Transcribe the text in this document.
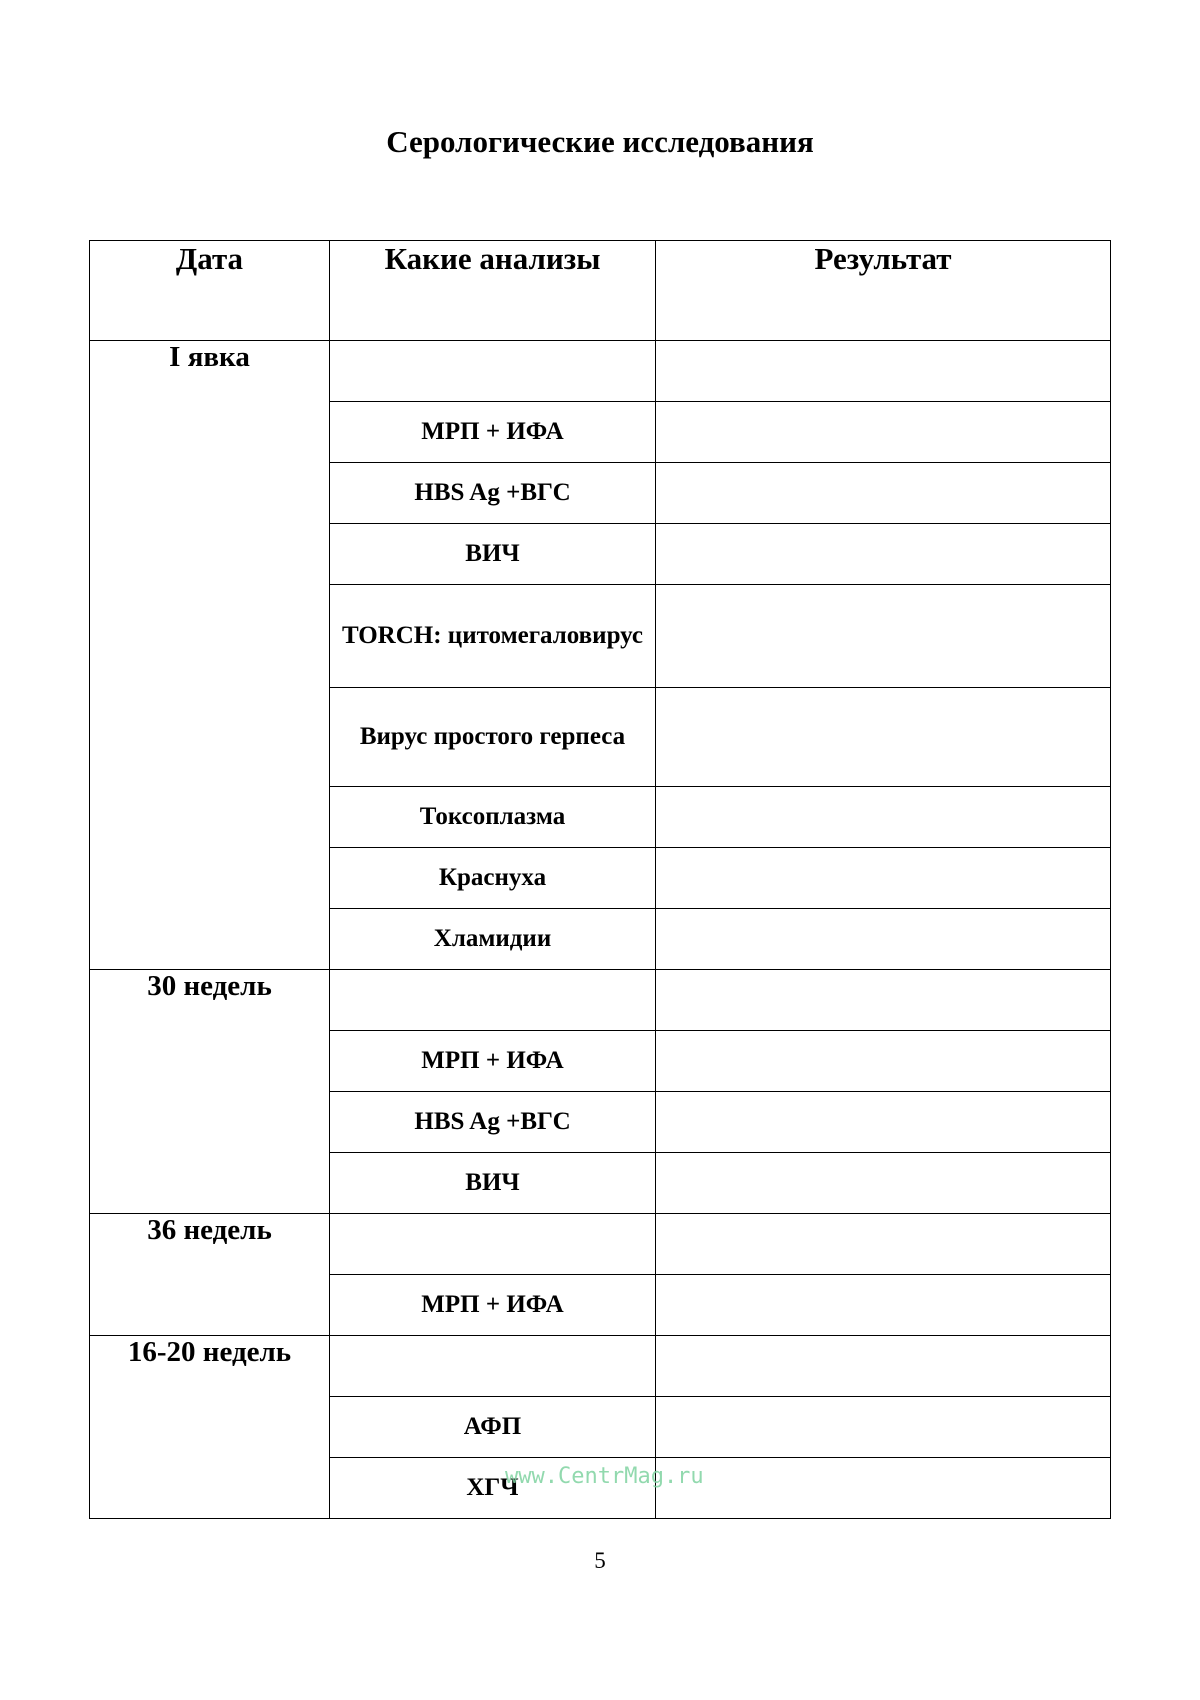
Серологические исследования
Дата	Какие анализы	Результат
I явка		
	МРП + ИФА	
	HBS Ag +ВГС	
	ВИЧ	
	TORCH: цитомегаловирус	
	Вирус простого герпеса	
	Токсоплазма	
	Краснуха	
	Хламидии	
30 недель		
	МРП + ИФА	
	HBS Ag +ВГС	
	ВИЧ	
36 недель		
	МРП + ИФА	
16-20 недель		
	АФП	
	ХГЧ	
www.CentrMag.ru
5
